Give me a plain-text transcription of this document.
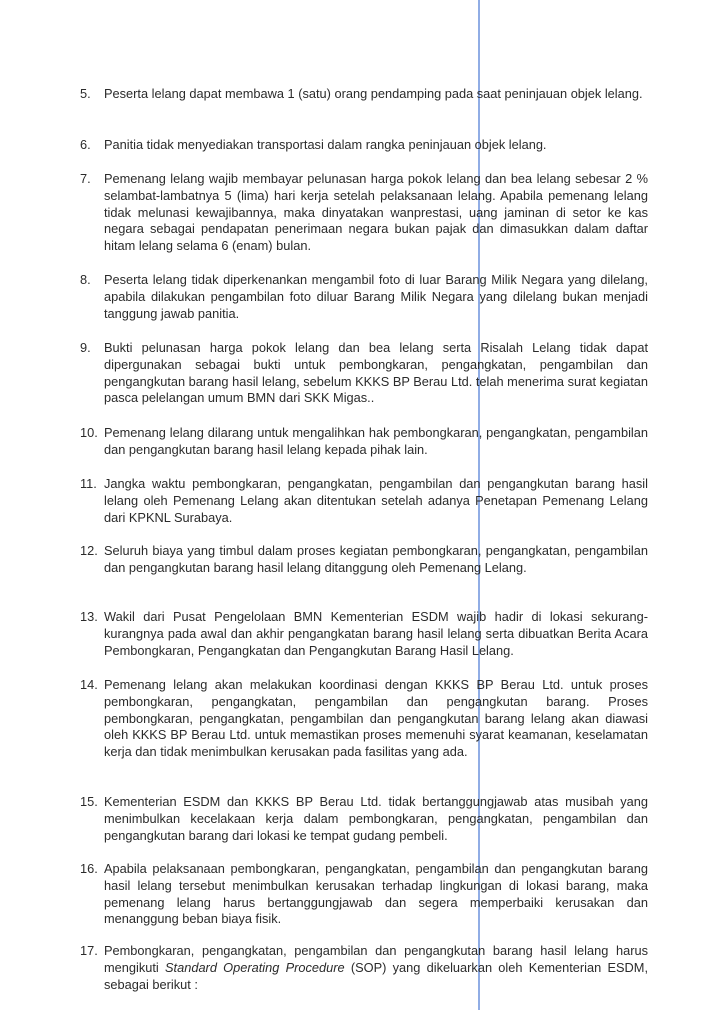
5.	Peserta lelang dapat membawa 1 (satu) orang pendamping pada saat peninjauan objek lelang.
6.	Panitia tidak menyediakan transportasi dalam rangka peninjauan objek lelang.
7.	Pemenang lelang wajib membayar pelunasan harga pokok lelang dan bea lelang sebesar 2 % selambat-lambatnya 5 (lima) hari kerja setelah pelaksanaan lelang. Apabila pemenang lelang tidak melunasi kewajibannya, maka dinyatakan wanprestasi, uang jaminan di setor ke kas negara sebagai pendapatan penerimaan negara bukan pajak dan dimasukkan dalam daftar hitam lelang selama 6 (enam) bulan.
8.	Peserta lelang tidak diperkenankan mengambil foto di luar Barang Milik Negara yang dilelang, apabila dilakukan pengambilan foto diluar Barang Milik Negara yang dilelang bukan menjadi tanggung jawab panitia.
9.	Bukti pelunasan harga pokok lelang dan bea lelang serta Risalah Lelang tidak dapat dipergunakan sebagai bukti untuk pembongkaran, pengangkatan, pengambilan dan pengangkutan barang hasil lelang, sebelum KKKS BP Berau Ltd. telah menerima surat kegiatan pasca pelelangan umum BMN dari SKK Migas..
10. Pemenang lelang dilarang untuk mengalihkan hak pembongkaran, pengangkatan, pengambilan dan pengangkutan barang hasil lelang kepada pihak lain.
11. Jangka waktu pembongkaran, pengangkatan, pengambilan dan pengangkutan barang hasil lelang oleh Pemenang Lelang akan ditentukan setelah adanya Penetapan Pemenang Lelang dari KPKNL Surabaya.
12. Seluruh biaya yang timbul dalam proses kegiatan pembongkaran, pengangkatan, pengambilan dan pengangkutan barang hasil lelang ditanggung oleh Pemenang Lelang.
13. Wakil dari Pusat Pengelolaan BMN Kementerian ESDM wajib hadir di lokasi sekurang-kurangnya pada awal dan akhir pengangkatan barang hasil lelang serta dibuatkan Berita Acara Pembongkaran, Pengangkatan dan Pengangkutan Barang Hasil Lelang.
14. Pemenang lelang akan melakukan koordinasi dengan KKKS BP Berau Ltd. untuk proses pembongkaran, pengangkatan, pengambilan dan pengangkutan barang. Proses pembongkaran, pengangkatan, pengambilan dan pengangkutan barang lelang akan diawasi oleh KKKS BP Berau Ltd. untuk memastikan proses memenuhi syarat keamanan, keselamatan kerja dan tidak menimbulkan kerusakan pada fasilitas yang ada.
15. Kementerian ESDM dan KKKS BP Berau Ltd. tidak bertanggungjawab atas musibah yang menimbulkan kecelakaan kerja dalam pembongkaran, pengangkatan, pengambilan dan pengangkutan barang dari lokasi ke tempat gudang pembeli.
16. Apabila pelaksanaan pembongkaran, pengangkatan, pengambilan dan pengangkutan barang hasil lelang tersebut menimbulkan kerusakan terhadap lingkungan di lokasi barang, maka pemenang lelang harus bertanggungjawab dan segera memperbaiki kerusakan dan menanggung beban biaya fisik.
17. Pembongkaran, pengangkatan, pengambilan dan pengangkutan barang hasil lelang harus mengikuti Standard Operating Procedure (SOP) yang dikeluarkan oleh Kementerian ESDM, sebagai berikut :
